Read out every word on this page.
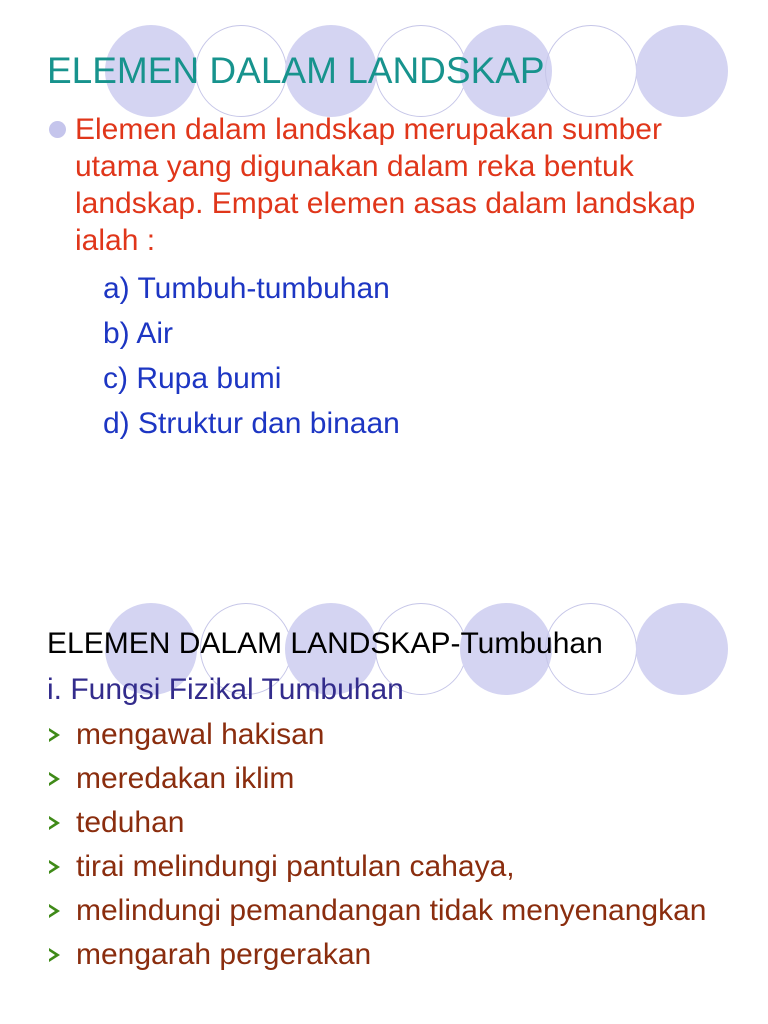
ELEMEN DALAM LANDSKAP

Elemen dalam landskap merupakan sumber utama yang digunakan dalam reka bentuk landskap. Empat elemen asas dalam landskap ialah :

a) Tumbuh-tumbuhan
b) Air
c) Rupa bumi
d) Struktur dan binaan
ELEMEN DALAM LANDSKAP-Tumbuhan

i. Fungsi Fizikal Tumbuhan

mengawal hakisan
meredakan iklim
teduhan
tirai melindungi pantulan cahaya,
melindungi pemandangan tidak menyenangkan
mengarah pergerakan
